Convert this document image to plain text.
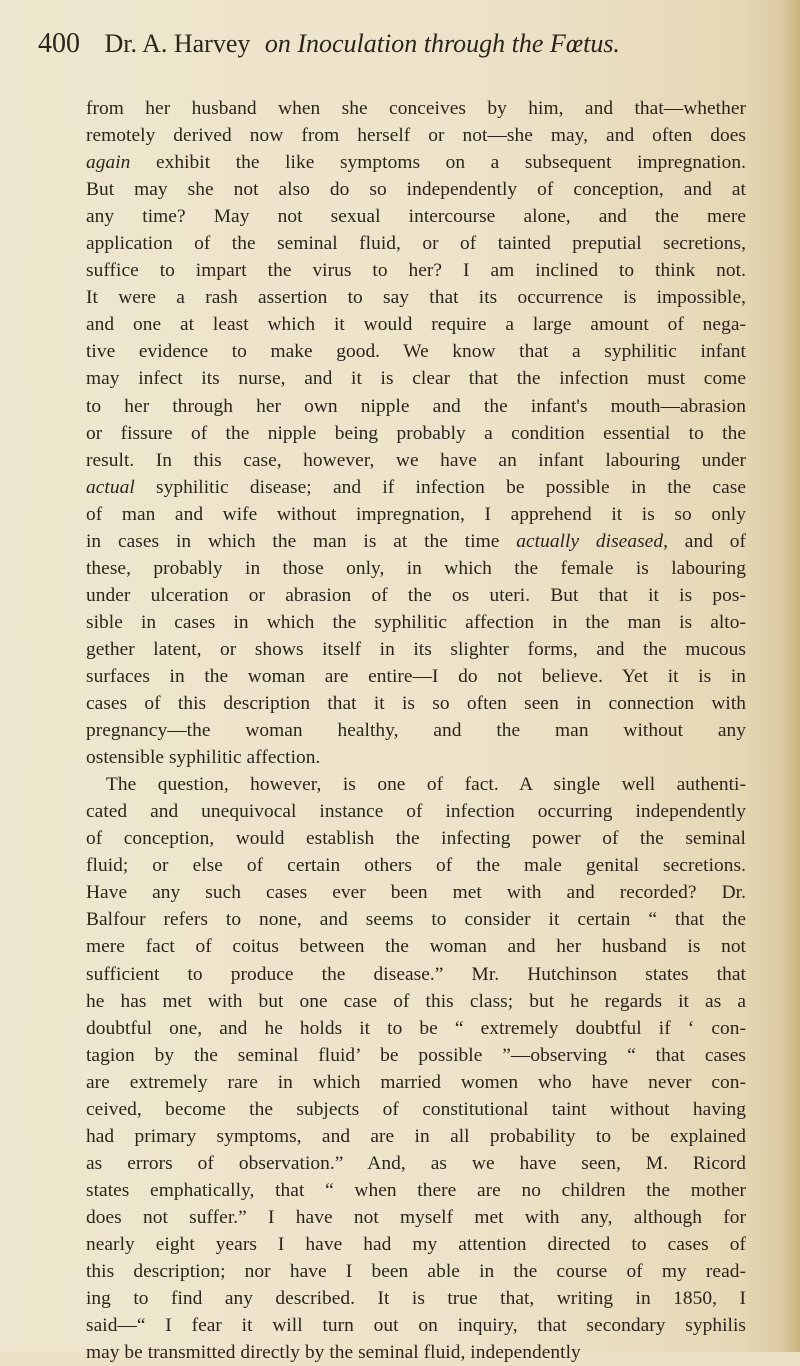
400 Dr. A. Harvey on Inoculation through the Fœtus.

from her husband when she conceives by him, and that—whether
remotely derived now from herself or not—she may, and often does
again exhibit the like symptoms on a subsequent impregnation.
But may she not also do so independently of conception, and at
any time? May not sexual intercourse alone, and the mere
application of the seminal fluid, or of tainted preputial secretions,
suffice to impart the virus to her? I am inclined to think not.
It were a rash assertion to say that its occurrence is impossible,
and one at least which it would require a large amount of nega-
tive evidence to make good. We know that a syphilitic infant
may infect its nurse, and it is clear that the infection must come
to her through her own nipple and the infant's mouth—abrasion
or fissure of the nipple being probably a condition essential to the
result. In this case, however, we have an infant labouring under
actual syphilitic disease; and if infection be possible in the case
of man and wife without impregnation, I apprehend it is so only
in cases in which the man is at the time actually diseased, and of
these, probably in those only, in which the female is labouring
under ulceration or abrasion of the os uteri. But that it is pos-
sible in cases in which the syphilitic affection in the man is alto-
gether latent, or shows itself in its slighter forms, and the mucous
surfaces in the woman are entire—I do not believe. Yet it is in
cases of this description that it is so often seen in connection with
pregnancy—the woman healthy, and the man without any
ostensible syphilitic affection.

The question, however, is one of fact. A single well authenti-
cated and unequivocal instance of infection occurring independently
of conception, would establish the infecting power of the seminal
fluid; or else of certain others of the male genital secretions.
Have any such cases ever been met with and recorded? Dr.
Balfour refers to none, and seems to consider it certain “ that the
mere fact of coitus between the woman and her husband is not
sufficient to produce the disease.” Mr. Hutchinson states that
he has met with but one case of this class; but he regards it as a
doubtful one, and he holds it to be “ extremely doubtful if ‘ con-
tagion by the seminal fluid’ be possible ”—observing “ that cases
are extremely rare in which married women who have never con-
ceived, become the subjects of constitutional taint without having
had primary symptoms, and are in all probability to be explained
as errors of observation.” And, as we have seen, M. Ricord
states emphatically, that “ when there are no children the mother
does not suffer.” I have not myself met with any, although for
nearly eight years I have had my attention directed to cases of
this description; nor have I been able in the course of my read-
ing to find any described. It is true that, writing in 1850, I
said—“ I fear it will turn out on inquiry, that secondary syphilis
may be transmitted directly by the seminal fluid, independently
